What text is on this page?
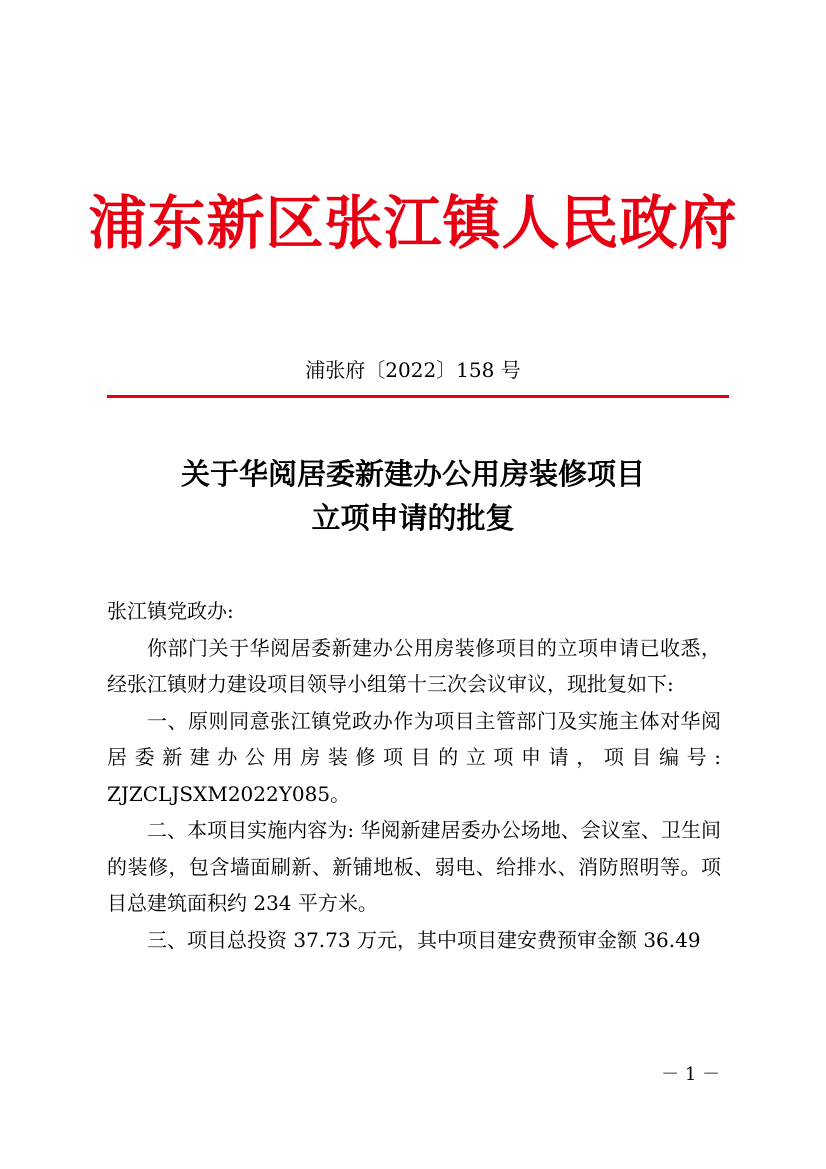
浦东新区张江镇人民政府
浦张府〔2022〕158 号
关于华阅居委新建办公用房装修项目
立项申请的批复

张江镇党政办:

你部门关于华阅居委新建办公用房装修项目的立项申请已收悉，经张江镇财力建设项目领导小组第十三次会议审议，现批复如下:

一、原则同意张江镇党政办作为项目主管部门及实施主体对华阅居委新建办公用房装修项目的立项申请，项目编号: ZJZCLJSXM2022Y085。

二、本项目实施内容为: 华阅新建居委办公场地、会议室、卫生间的装修，包含墙面刷新、新铺地板、弱电、给排水、消防照明等。项目总建筑面积约 234 平方米。

三、项目总投资 37.73 万元，其中项目建安费预审金额 36.49

－ 1 －
